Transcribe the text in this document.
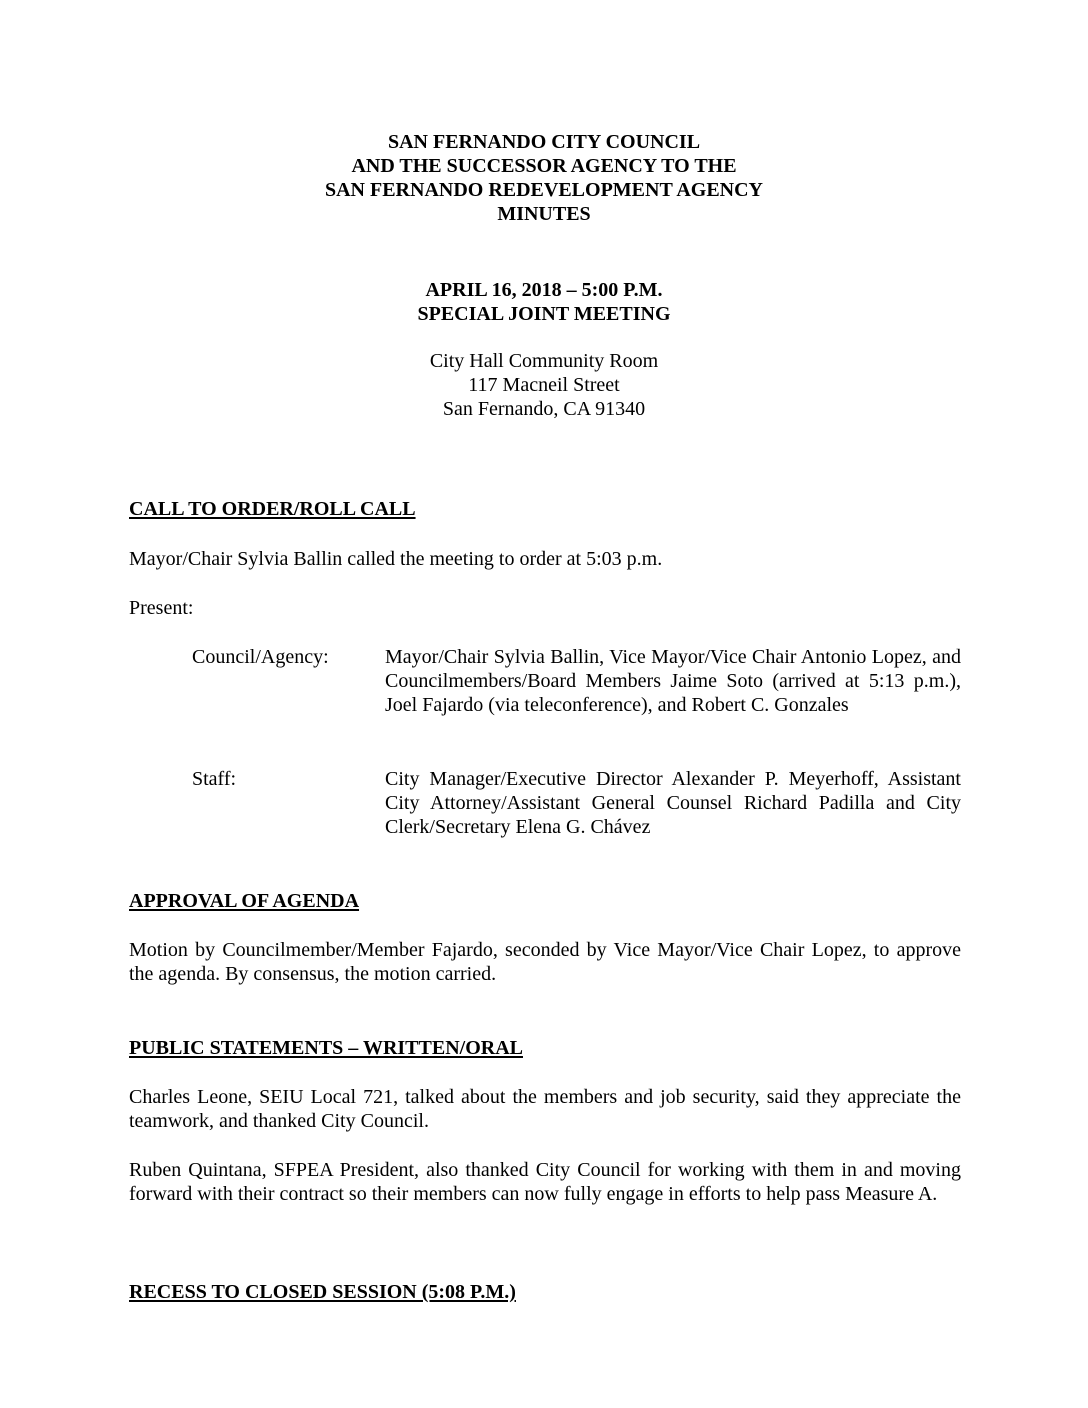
SAN FERNANDO CITY COUNCIL
AND THE SUCCESSOR AGENCY TO THE
SAN FERNANDO REDEVELOPMENT AGENCY
MINUTES
APRIL 16, 2018 – 5:00 P.M.
SPECIAL JOINT MEETING
City Hall Community Room
117 Macneil Street
San Fernando, CA 91340
CALL TO ORDER/ROLL CALL
Mayor/Chair Sylvia Ballin called the meeting to order at 5:03 p.m.
Present:
Council/Agency:	Mayor/Chair Sylvia Ballin, Vice Mayor/Vice Chair Antonio Lopez, and Councilmembers/Board Members Jaime Soto (arrived at 5:13 p.m.), Joel Fajardo (via teleconference), and Robert C. Gonzales
Staff:	City Manager/Executive Director Alexander P. Meyerhoff, Assistant City Attorney/Assistant General Counsel Richard Padilla and City Clerk/Secretary Elena G. Chávez
APPROVAL OF AGENDA
Motion by Councilmember/Member Fajardo, seconded by Vice Mayor/Vice Chair Lopez, to approve the agenda. By consensus, the motion carried.
PUBLIC STATEMENTS – WRITTEN/ORAL
Charles Leone, SEIU Local 721, talked about the members and job security, said they appreciate the teamwork, and thanked City Council.
Ruben Quintana, SFPEA President, also thanked City Council for working with them in and moving forward with their contract so their members can now fully engage in efforts to help pass Measure A.
RECESS TO CLOSED SESSION (5:08 P.M.)
